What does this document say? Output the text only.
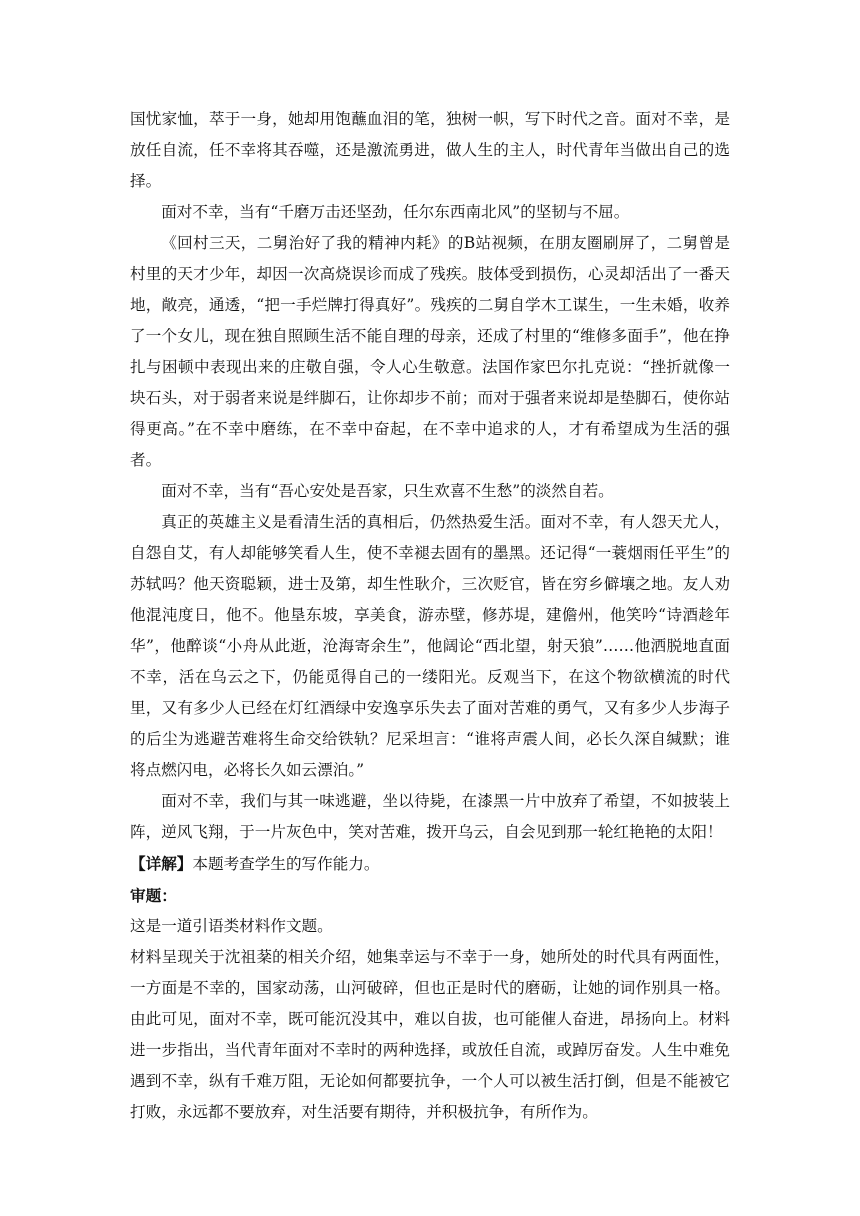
国忧家恤，萃于一身，她却用饱蘸血泪的笔，独树一帜，写下时代之音。面对不幸，是放任自流，任不幸将其吞噬，还是激流勇进，做人生的主人，时代青年当做出自己的选择。

面对不幸，当有“千磨万击还坚劲，任尔东西南北风”的坚韧与不屈。

《回村三天，二舅治好了我的精神内耗》的B站视频，在朋友圈刷屏了，二舅曾是村里的天才少年，却因一次高烧误诊而成了残疾。肢体受到损伤，心灵却活出了一番天地，敞亮，通透，“把一手烂牌打得真好”。残疾的二舅自学木工谋生，一生未婚，收养了一个女儿，现在独自照顾生活不能自理的母亲，还成了村里的“维修多面手”，他在挣扎与困顿中表现出来的庄敬自强，令人心生敬意。法国作家巴尔扎克说：“挫折就像一块石头，对于弱者来说是绊脚石，让你却步不前；而对于强者来说却是垫脚石，使你站得更高。”在不幸中磨练，在不幸中奋起，在不幸中追求的人，才有希望成为生活的强者。

面对不幸，当有“吾心安处是吾家，只生欢喜不生愁”的淡然自若。

真正的英雄主义是看清生活的真相后，仍然热爱生活。面对不幸，有人怨天尤人，自怨自艾，有人却能够笑看人生，使不幸褪去固有的墨黑。还记得“一蓑烟雨任平生”的苏轼吗？他天资聪颖，进士及第，却生性耿介，三次贬官，皆在穷乡僻壤之地。友人劝他混沌度日，他不。他垦东坡，享美食，游赤壁，修苏堤，建儋州，他笑吟“诗酒趁年华”，他醉谈“小舟从此逝，沧海寄余生”，他阔论“西北望，射天狼”……他洒脱地直面不幸，活在乌云之下，仍能觅得自己的一缕阳光。反观当下，在这个物欲横流的时代里，又有多少人已经在灯红酒绿中安逸享乐失去了面对苦难的勇气，又有多少人步海子的后尘为逃避苦难将生命交给铁轨？尼采坦言：“谁将声震人间，必长久深自缄默；谁将点燃闪电，必将长久如云漂泊。”

面对不幸，我们与其一味逃避，坐以待毙，在漆黑一片中放弃了希望，不如披装上阵，逆风飞翔，于一片灰色中，笑对苦难，拨开乌云，自会见到那一轮红艳艳的太阳！

【详解】本题考查学生的写作能力。

审题：

这是一道引语类材料作文题。

材料呈现关于沈祖棻的相关介绍，她集幸运与不幸于一身，她所处的时代具有两面性，一方面是不幸的，国家动荡，山河破碎，但也正是时代的磨砺，让她的词作别具一格。由此可见，面对不幸，既可能沉没其中，难以自拔，也可能催人奋进，昂扬向上。材料进一步指出，当代青年面对不幸时的两种选择，或放任自流，或踔厉奋发。人生中难免遇到不幸，纵有千难万阻，无论如何都要抗争，一个人可以被生活打倒，但是不能被它打败，永远都不要放弃，对生活要有期待，并积极抗争，有所作为。
